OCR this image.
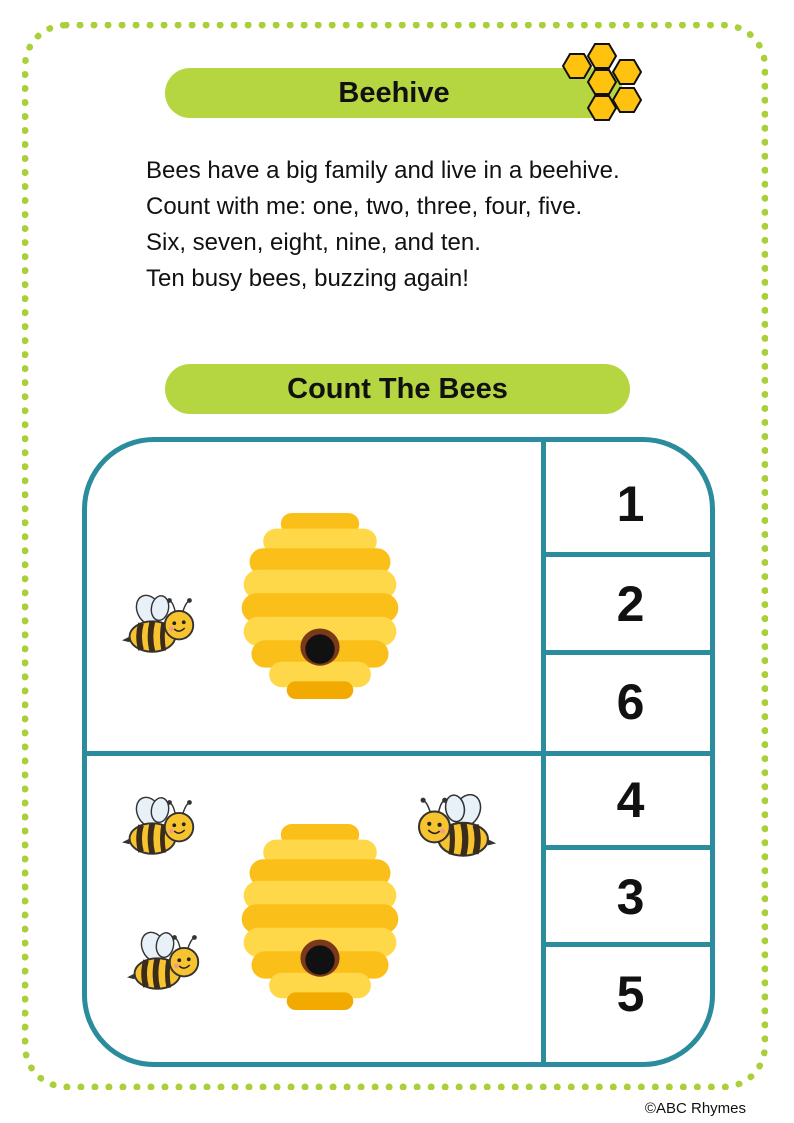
Beehive

Bees have a big family and live in a beehive.

Count with me: one, two, three, four, five.

Six, seven, eight, nine, and ten.

Ten busy bees, buzzing again!

Count The Bees
1
2
6
4
3
5
©ABC Rhymes
